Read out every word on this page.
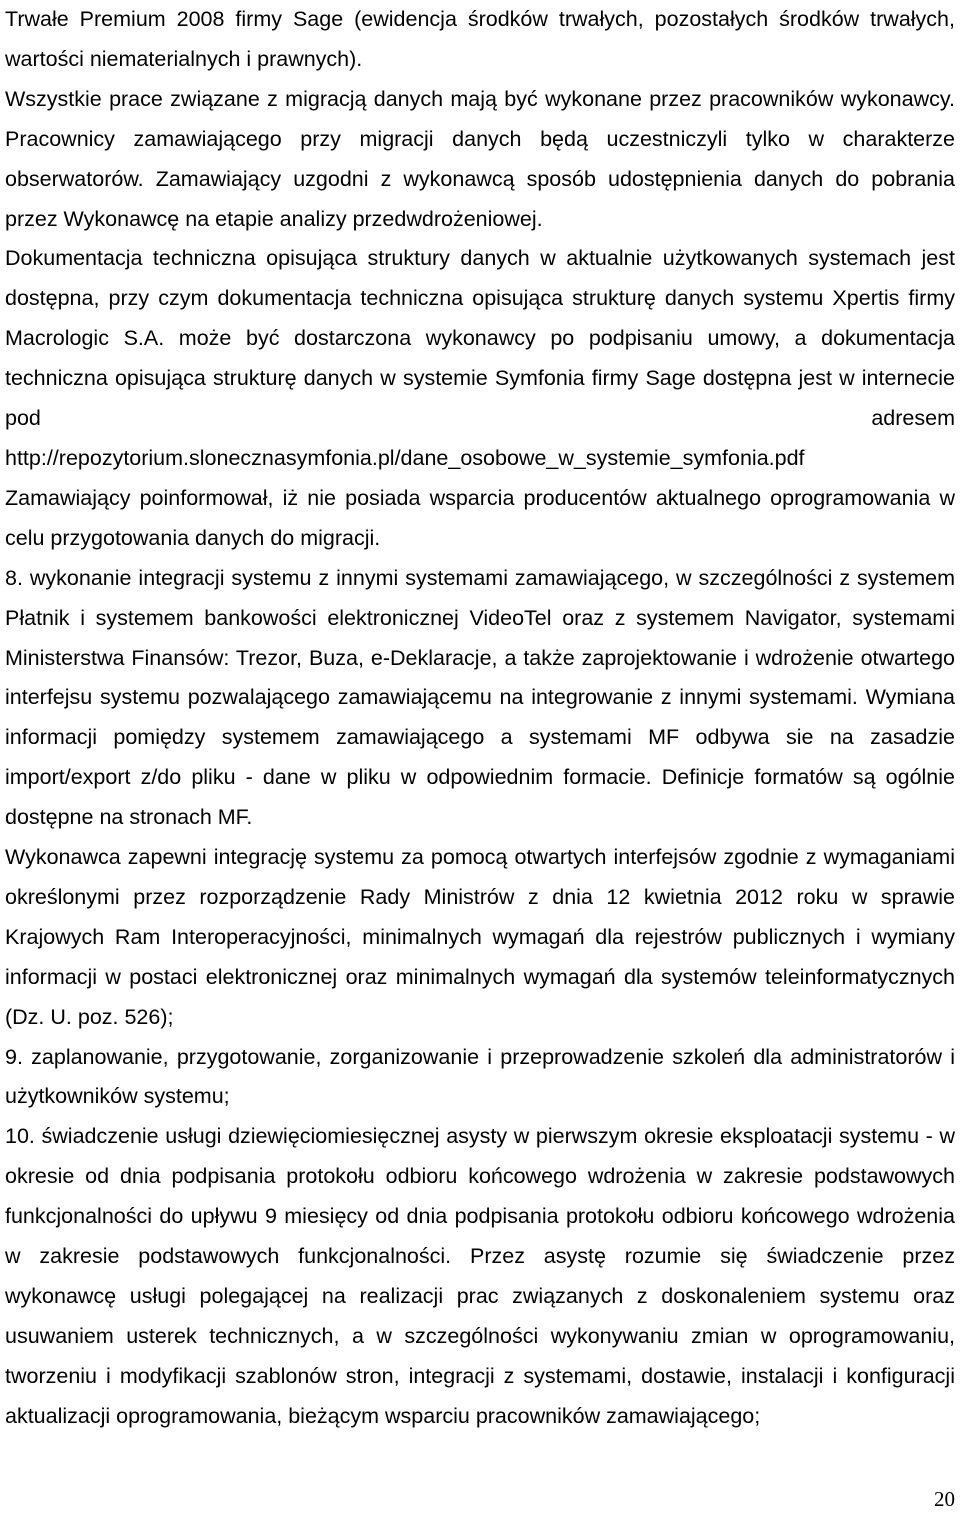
Trwałe Premium 2008 firmy Sage (ewidencja środków trwałych, pozostałych środków trwałych, wartości niematerialnych i prawnych).

Wszystkie prace związane z migracją danych mają być wykonane przez pracowników wykonawcy. Pracownicy zamawiającego przy migracji danych będą uczestniczyli tylko w charakterze obserwatorów. Zamawiający uzgodni z wykonawcą sposób udostępnienia danych do pobrania przez Wykonawcę na etapie analizy przedwdrożeniowej.

Dokumentacja techniczna opisująca struktury danych w aktualnie użytkowanych systemach jest dostępna, przy czym dokumentacja techniczna opisująca strukturę danych systemu Xpertis firmy Macrologic S.A. może być dostarczona wykonawcy po podpisaniu umowy, a dokumentacja techniczna opisująca strukturę danych w systemie Symfonia firmy Sage dostępna jest w internecie pod adresem

http://repozytorium.slonecznasymfonia.pl/dane_osobowe_w_systemie_symfonia.pdf

Zamawiający poinformował, iż nie posiada wsparcia producentów aktualnego oprogramowania w celu przygotowania danych do migracji.

8. wykonanie integracji systemu z innymi systemami zamawiającego, w szczególności z systemem Płatnik i systemem bankowości elektronicznej VideoTel oraz z systemem Navigator, systemami Ministerstwa Finansów: Trezor, Buza, e-Deklaracje, a także zaprojektowanie i wdrożenie otwartego interfejsu systemu pozwalającego zamawiającemu na integrowanie z innymi systemami. Wymiana informacji pomiędzy systemem zamawiającego a systemami MF odbywa sie na zasadzie import/export z/do pliku - dane w pliku w odpowiednim formacie. Definicje formatów są ogólnie dostępne na stronach MF.

Wykonawca zapewni integrację systemu za pomocą otwartych interfejsów zgodnie z wymaganiami określonymi przez rozporządzenie Rady Ministrów z dnia 12 kwietnia 2012 roku w sprawie Krajowych Ram Interoperacyjności, minimalnych wymagań dla rejestrów publicznych i wymiany informacji w postaci elektronicznej oraz minimalnych wymagań dla systemów teleinformatycznych (Dz. U. poz. 526);

9. zaplanowanie, przygotowanie, zorganizowanie i przeprowadzenie szkoleń dla administratorów i użytkowników systemu;

10. świadczenie usługi dziewięciomiesięcznej asysty w pierwszym okresie eksploatacji systemu - w okresie od dnia podpisania protokołu odbioru końcowego wdrożenia w zakresie podstawowych funkcjonalności do upływu 9 miesięcy od dnia podpisania protokołu odbioru końcowego wdrożenia w zakresie podstawowych funkcjonalności. Przez asystę rozumie się świadczenie przez wykonawcę usługi polegającej na realizacji prac związanych z doskonaleniem systemu oraz usuwaniem usterek technicznych, a w szczególności wykonywaniu zmian w oprogramowaniu, tworzeniu i modyfikacji szablonów stron, integracji z systemami, dostawie, instalacji i konfiguracji aktualizacji oprogramowania, bieżącym wsparciu pracowników zamawiającego;

20
